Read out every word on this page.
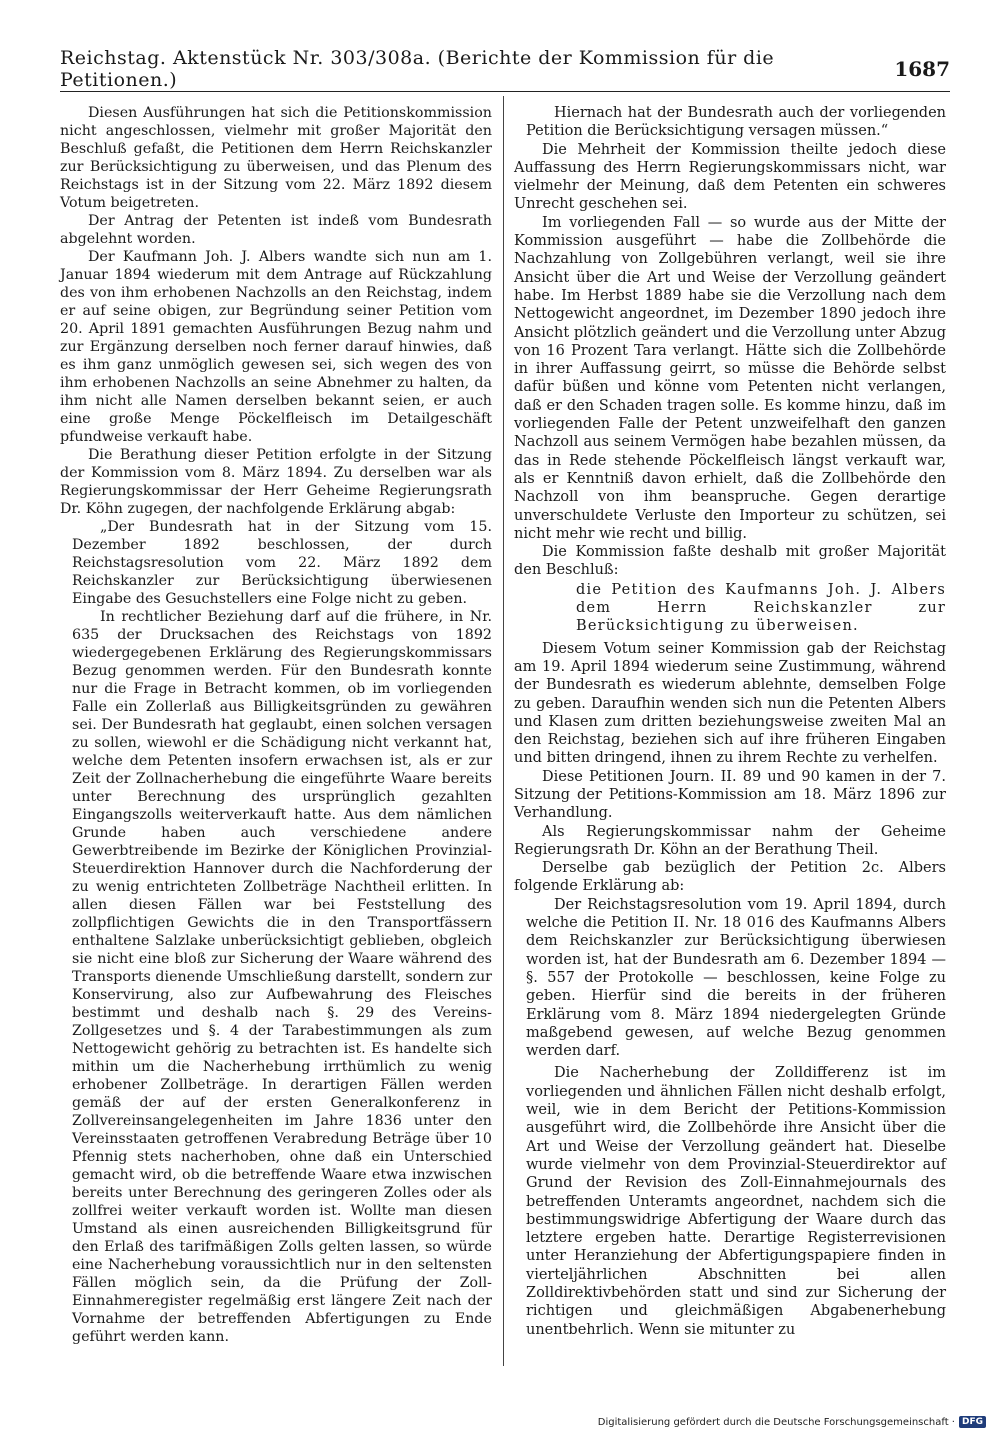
Reichstag. Aktenstück Nr. 303/308a. (Berichte der Kommission für die Petitionen.)	1687

Diesen Ausführungen hat sich die Petitionskommission nicht angeschlossen, vielmehr mit großer Majorität den Beschluß gefaßt, die Petitionen dem Herrn Reichskanzler zur Berücksichtigung zu überweisen, und das Plenum des Reichstags ist in der Sitzung vom 22. März 1892 diesem Votum beigetreten.

Der Antrag der Petenten ist indeß vom Bundesrath abgelehnt worden.

Der Kaufmann Joh. J. Albers wandte sich nun am 1. Januar 1894 wiederum mit dem Antrage auf Rückzahlung des von ihm erhobenen Nachzolls an den Reichstag, indem er auf seine obigen, zur Begründung seiner Petition vom 20. April 1891 gemachten Ausführungen Bezug nahm und zur Ergänzung derselben noch ferner darauf hinwies, daß es ihm ganz unmöglich gewesen sei, sich wegen des von ihm erhobenen Nachzolls an seine Abnehmer zu halten, da ihm nicht alle Namen derselben bekannt seien, er auch eine große Menge Pöckelfleisch im Detailgeschäft pfundweise verkauft habe.

Die Berathung dieser Petition erfolgte in der Sitzung der Kommission vom 8. März 1894. Zu derselben war als Regierungskommissar der Herr Geheime Regierungsrath Dr. Köhn zugegen, der nachfolgende Erklärung abgab:

„Der Bundesrath hat in der Sitzung vom 15. Dezember 1892 beschlossen, der durch Reichstagsresolution vom 22. März 1892 dem Reichskanzler zur Berücksichtigung überwiesenen Eingabe des Gesuchstellers eine Folge nicht zu geben.

In rechtlicher Beziehung darf auf die frühere, in Nr. 635 der Drucksachen des Reichstags von 1892 wiedergegebenen Erklärung des Regierungskommissars Bezug genommen werden. Für den Bundesrath konnte nur die Frage in Betracht kommen, ob im vorliegenden Falle ein Zollerlaß aus Billigkeitsgründen zu gewähren sei. Der Bundesrath hat geglaubt, einen solchen versagen zu sollen, wiewohl er die Schädigung nicht verkannt hat, welche dem Petenten insofern erwachsen ist, als er zur Zeit der Zollnacherhebung die eingeführte Waare bereits unter Berechnung des ursprünglich gezahlten Eingangszolls weiterverkauft hatte. Aus dem nämlichen Grunde haben auch verschiedene andere Gewerbtreibende im Bezirke der Königlichen Provinzial-Steuerdirektion Hannover durch die Nachforderung der zu wenig entrichteten Zollbeträge Nachtheil erlitten. In allen diesen Fällen war bei Feststellung des zollpflichtigen Gewichts die in den Transportfässern enthaltene Salzlake unberücksichtigt geblieben, obgleich sie nicht eine bloß zur Sicherung der Waare während des Transports dienende Umschließung darstellt, sondern zur Konservirung, also zur Aufbewahrung des Fleisches bestimmt und deshalb nach §. 29 des Vereins-Zollgesetzes und §. 4 der Tarabestimmungen als zum Nettogewicht gehörig zu betrachten ist. Es handelte sich mithin um die Nacherhebung irrthümlich zu wenig erhobener Zollbeträge. In derartigen Fällen werden gemäß der auf der ersten Generalkonferenz in Zollvereinsangelegenheiten im Jahre 1836 unter den Vereinsstaaten getroffenen Verabredung Beträge über 10 Pfennig stets nacherhoben, ohne daß ein Unterschied gemacht wird, ob die betreffende Waare etwa inzwischen bereits unter Berechnung des geringeren Zolles oder als zollfrei weiter verkauft worden ist. Wollte man diesen Umstand als einen ausreichenden Billigkeitsgrund für den Erlaß des tarifmäßigen Zolls gelten lassen, so würde eine Nacherhebung voraussichtlich nur in den seltensten Fällen möglich sein, da die Prüfung der Zoll-Einnahmeregister regelmäßig erst längere Zeit nach der Vornahme der betreffenden Abfertigungen zu Ende geführt werden kann.

Hiernach hat der Bundesrath auch der vorliegenden Petition die Berücksichtigung versagen müssen.“

Die Mehrheit der Kommission theilte jedoch diese Auffassung des Herrn Regierungskommissars nicht, war vielmehr der Meinung, daß dem Petenten ein schweres Unrecht geschehen sei.

Im vorliegenden Fall — so wurde aus der Mitte der Kommission ausgeführt — habe die Zollbehörde die Nachzahlung von Zollgebühren verlangt, weil sie ihre Ansicht über die Art und Weise der Verzollung geändert habe. Im Herbst 1889 habe sie die Verzollung nach dem Nettogewicht angeordnet, im Dezember 1890 jedoch ihre Ansicht plötzlich geändert und die Verzollung unter Abzug von 16 Prozent Tara verlangt. Hätte sich die Zollbehörde in ihrer Auffassung geirrt, so müsse die Behörde selbst dafür büßen und könne vom Petenten nicht verlangen, daß er den Schaden tragen solle. Es komme hinzu, daß im vorliegenden Falle der Petent unzweifelhaft den ganzen Nachzoll aus seinem Vermögen habe bezahlen müssen, da das in Rede stehende Pöckelfleisch längst verkauft war, als er Kenntniß davon erhielt, daß die Zollbehörde den Nachzoll von ihm beanspruche. Gegen derartige unverschuldete Verluste den Importeur zu schützen, sei nicht mehr wie recht und billig.

Die Kommission faßte deshalb mit großer Majorität den Beschluß:

die Petition des Kaufmanns Joh. J. Albers dem Herrn Reichskanzler zur Berücksichtigung zu überweisen.

Diesem Votum seiner Kommission gab der Reichstag am 19. April 1894 wiederum seine Zustimmung, während der Bundesrath es wiederum ablehnte, demselben Folge zu geben. Daraufhin wenden sich nun die Petenten Albers und Klasen zum dritten beziehungsweise zweiten Mal an den Reichstag, beziehen sich auf ihre früheren Eingaben und bitten dringend, ihnen zu ihrem Rechte zu verhelfen.

Diese Petitionen Journ. II. 89 und 90 kamen in der 7. Sitzung der Petitions-Kommission am 18. März 1896 zur Verhandlung.

Als Regierungskommissar nahm der Geheime Regierungsrath Dr. Köhn an der Berathung Theil.

Derselbe gab bezüglich der Petition 2c. Albers folgende Erklärung ab:

Der Reichstagsresolution vom 19. April 1894, durch welche die Petition II. Nr. 18 016 des Kaufmanns Albers dem Reichskanzler zur Berücksichtigung überwiesen worden ist, hat der Bundesrath am 6. Dezember 1894 — §. 557 der Protokolle — beschlossen, keine Folge zu geben. Hierfür sind die bereits in der früheren Erklärung vom 8. März 1894 niedergelegten Gründe maßgebend gewesen, auf welche Bezug genommen werden darf.

Die Nacherhebung der Zolldifferenz ist im vorliegenden und ähnlichen Fällen nicht deshalb erfolgt, weil, wie in dem Bericht der Petitions-Kommission ausgeführt wird, die Zollbehörde ihre Ansicht über die Art und Weise der Verzollung geändert hat. Dieselbe wurde vielmehr von dem Provinzial-Steuerdirektor auf Grund der Revision des Zoll-Einnahmejournals des betreffenden Unteramts angeordnet, nachdem sich die bestimmungswidrige Abfertigung der Waare durch das letztere ergeben hatte. Derartige Registerrevisionen unter Heranziehung der Abfertigungspapiere finden in vierteljährlichen Abschnitten bei allen Zolldirektivbehörden statt und sind zur Sicherung der richtigen und gleichmäßigen Abgabenerhebung unentbehrlich. Wenn sie mitunter zu

Digitalisierung gefördert durch die Deutsche Forschungsgemeinschaft · DFG
